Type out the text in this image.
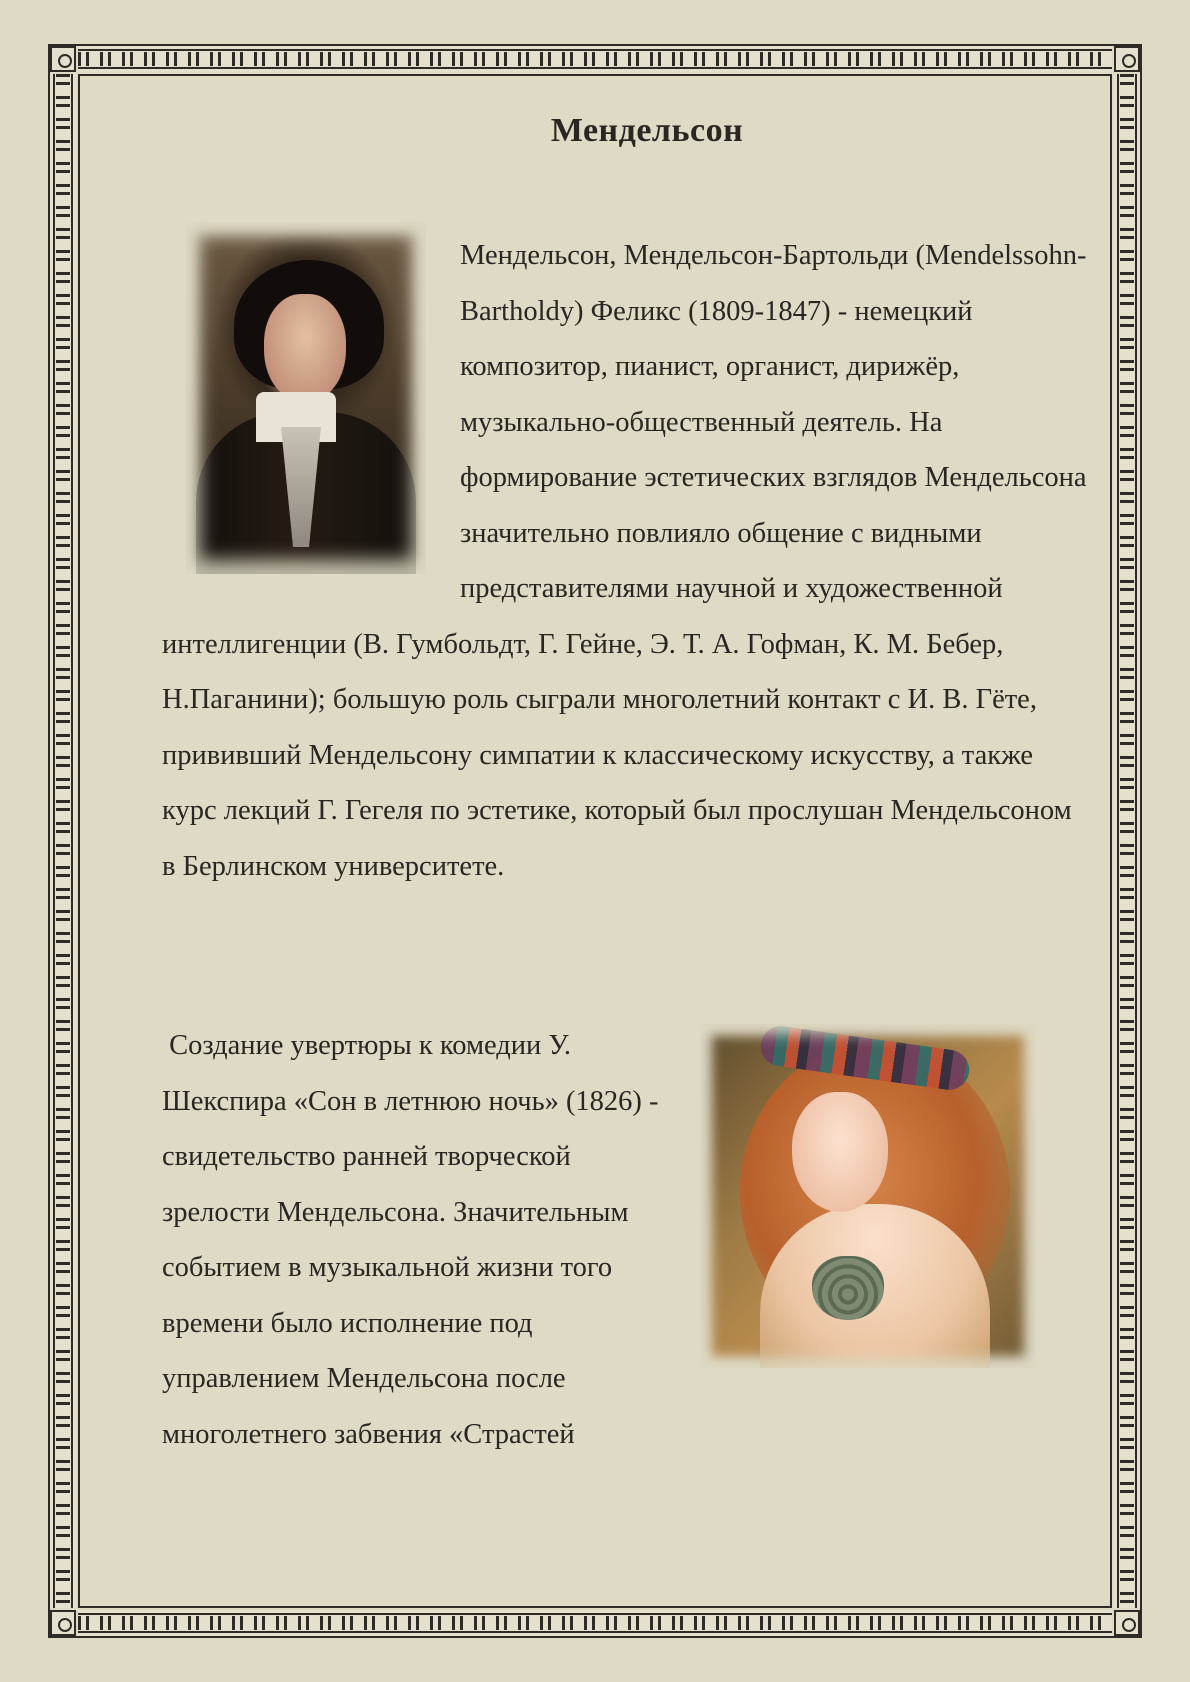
Мендельсон

Мендельсон, Мендельсон-Бартольди (Mendelssohn-Bartholdy) Феликс (1809-1847) - немецкий композитор, пианист, органист, дирижёр, музыкально-общественный деятель. На формирование эстетических взглядов Мендельсона значительно повлияло общение с видными представителями научной и художественной интеллигенции (В. Гумбольдт, Г. Гейне, Э. Т. А. Гофман, К. М. Бебер, Н.Паганини); большую роль сыграли многолетний контакт с И. В. Гёте, прививший Мендельсону симпатии к классическому искусству, а также курс лекций Г. Гегеля по эстетике, который был прослушан Мендельсоном в Берлинском университете.

Создание увертюры к комедии У. Шекспира «Сон в летнюю ночь» (1826) - свидетельство ранней творческой зрелости Мендельсона. Значительным событием в музыкальной жизни того времени было исполнение под управлением Мендельсона после многолетнего забвения «Страстей
